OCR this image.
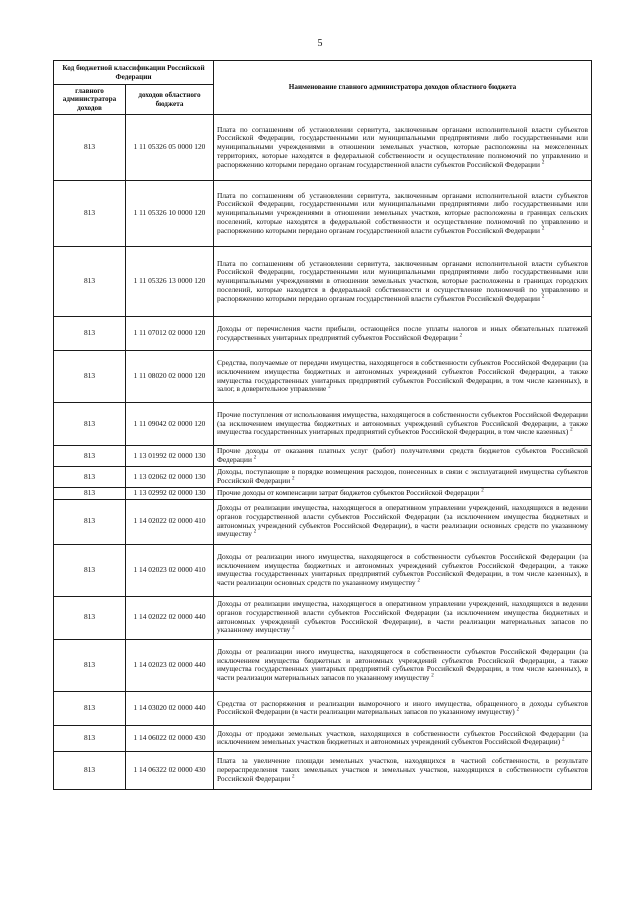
5
Код бюджетной классификации Российской Федерации		Наименование главного администратора доходов областного бюджета
главного администратора доходов	доходов областного бюджета	
813	1 11 05326 05 0000 120	Плата по соглашениям об установлении сервитута, заключенным органами исполнительной власти субъектов Российской Федерации, государственными или муниципальными предприятиями либо государственными или муниципальными учреждениями в отношении земельных участков, которые расположены на межселенных территориях, которые находятся в федеральной собственности и осуществление полномочий по управлению и распоряжению которыми передано органам государственной власти субъектов Российской Федерации $^2$
813	1 11 05326 10 0000 120	Плата по соглашениям об установлении сервитута, заключенным органами исполнительной власти субъектов Российской Федерации, государственными или муниципальными предприятиями либо государственными или муниципальными учреждениями в отношении земельных участков, которые расположены в границах сельских поселений, которые находятся в федеральной собственности и осуществление полномочий по управлению и распоряжению которыми передано органам государственной власти субъектов Российской Федерации $^2$
813	1 11 05326 13 0000 120	Плата по соглашениям об установлении сервитута, заключенным органами исполнительной власти субъектов Российской Федерации, государственными или муниципальными предприятиями либо государственными или муниципальными учреждениями в отношении земельных участков, которые расположены в границах городских поселений, которые находятся в федеральной собственности и осуществление полномочий по управлению и распоряжению которыми передано органам государственной власти субъектов Российской Федерации $^2$
813	1 11 07012 02 0000 120	Доходы от перечисления части прибыли, остающейся после уплаты налогов и иных обязательных платежей государственных унитарных предприятий субъектов Российской Федерации $^2$
813	1 11 08020 02 0000 120	Средства, получаемые от передачи имущества, находящегося в собственности субъектов Российской Федерации (за исключением имущества бюджетных и автономных учреждений субъектов Российской Федерации, а также имущества государственных унитарных предприятий субъектов Российской Федерации, в том числе казенных), в залог, в доверительное управление $^2$
813	1 11 09042 02 0000 120	Прочие поступления от использования имущества, находящегося в собственности субъектов Российской Федерации (за исключением имущества бюджетных и автономных учреждений субъектов Российской Федерации, а также имущества государственных унитарных предприятий субъектов Российской Федерации, в том числе казенных) $^2$
813	1 13 01992 02 0000 130	Прочие доходы от оказания платных услуг (работ) получателями средств бюджетов субъектов Российской Федерации $^2$
813	1 13 02062 02 0000 130	Доходы, поступающие в порядке возмещения расходов, понесенных в связи с эксплуатацией имущества субъектов Российской Федерации $^2$
813	1 13 02992 02 0000 130	Прочие доходы от компенсации затрат бюджетов субъектов Российской Федерации $^2$
813	1 14 02022 02 0000 410	Доходы от реализации имущества, находящегося в оперативном управлении учреждений, находящихся в ведении органов государственной власти субъектов Российской Федерации (за исключением имущества бюджетных и автономных учреждений субъектов Российской Федерации), в части реализации основных средств по указанному имуществу $^2$
813	1 14 02023 02 0000 410	Доходы от реализации иного имущества, находящегося в собственности субъектов Российской Федерации (за исключением имущества бюджетных и автономных учреждений субъектов Российской Федерации, а также имущества государственных унитарных предприятий субъектов Российской Федерации, в том числе казенных), в части реализации основных средств по указанному имуществу $^2$
813	1 14 02022 02 0000 440	Доходы от реализации имущества, находящегося в оперативном управлении учреждений, находящихся в ведении органов государственной власти субъектов Российской Федерации (за исключением имущества бюджетных и автономных учреждений субъектов Российской Федерации), в части реализации материальных запасов по указанному имуществу $^2$
813	1 14 02023 02 0000 440	Доходы от реализации иного имущества, находящегося в собственности субъектов Российской Федерации (за исключением имущества бюджетных и автономных учреждений субъектов Российской Федерации, а также имущества государственных унитарных предприятий субъектов Российской Федерации, в том числе казенных), в части реализации материальных запасов по указанному имуществу $^2$
813	1 14 03020 02 0000 440	Средства от распоряжения и реализации выморочного и иного имущества, обращенного в доходы субъектов Российской Федерации (в части реализации материальных запасов по указанному имуществу) $^2$
813	1 14 06022 02 0000 430	Доходы от продажи земельных участков, находящихся в собственности субъектов Российской Федерации (за исключением земельных участков бюджетных и автономных учреждений субъектов Российской Федерации) $^2$
813	1 14 06322 02 0000 430	Плата за увеличение площади земельных участков, находящихся в частной собственности, в результате перераспределения таких земельных участков и земельных участков, находящихся в собственности субъектов Российской Федерации $^2$
